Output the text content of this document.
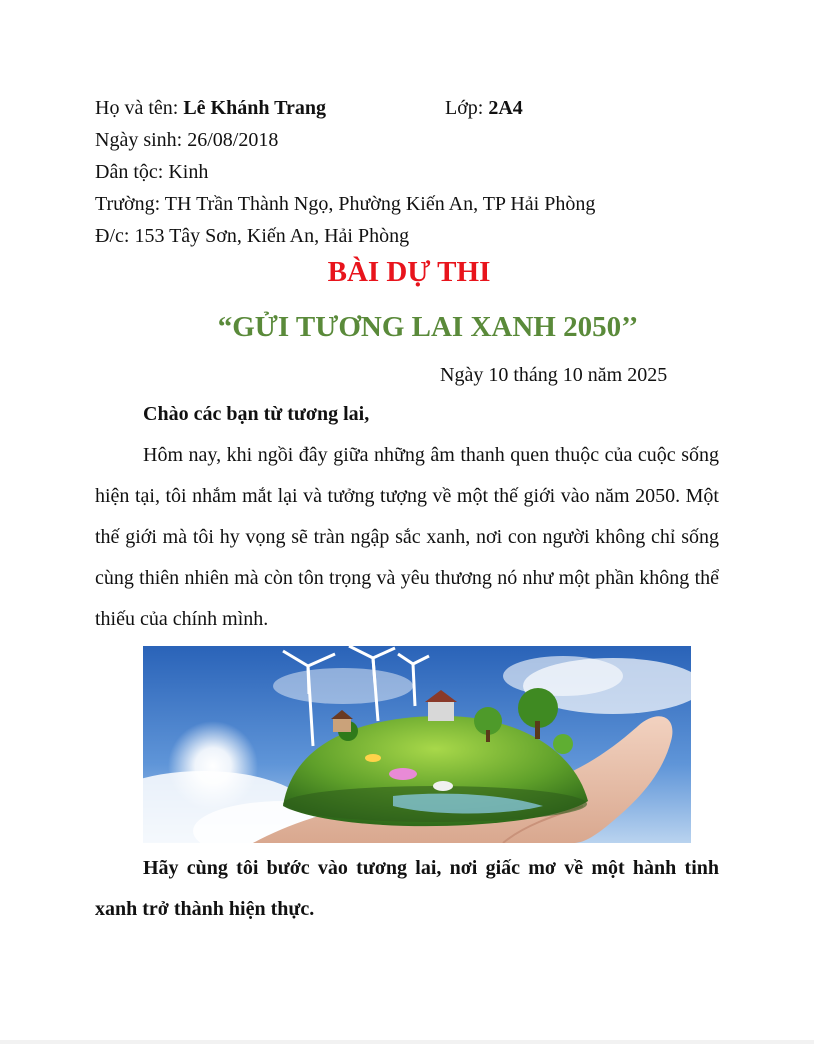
Họ và tên: Lê Khánh Trang	Lớp: 2A4
Ngày sinh: 26/08/2018
Dân tộc: Kinh
Trường: TH Trần Thành Ngọ, Phường Kiến An, TP Hải Phòng
Đ/c: 153 Tây Sơn, Kiến An, Hải Phòng
BÀI DỰ THI
“GỬI TƯƠNG LAI XANH 2050’’
Ngày 10 tháng 10 năm 2025
Chào các bạn từ tương lai,
Hôm nay, khi ngồi đây giữa những âm thanh quen thuộc của cuộc sống hiện tại, tôi nhắm mắt lại và tưởng tượng về một thế giới vào năm 2050. Một thế giới mà tôi hy vọng sẽ tràn ngập sắc xanh, nơi con người không chỉ sống cùng thiên nhiên mà còn tôn trọng và yêu thương nó như một phần không thể thiếu của chính mình.
Hãy cùng tôi bước vào tương lai, nơi giấc mơ về một hành tinh xanh trở thành hiện thực.
